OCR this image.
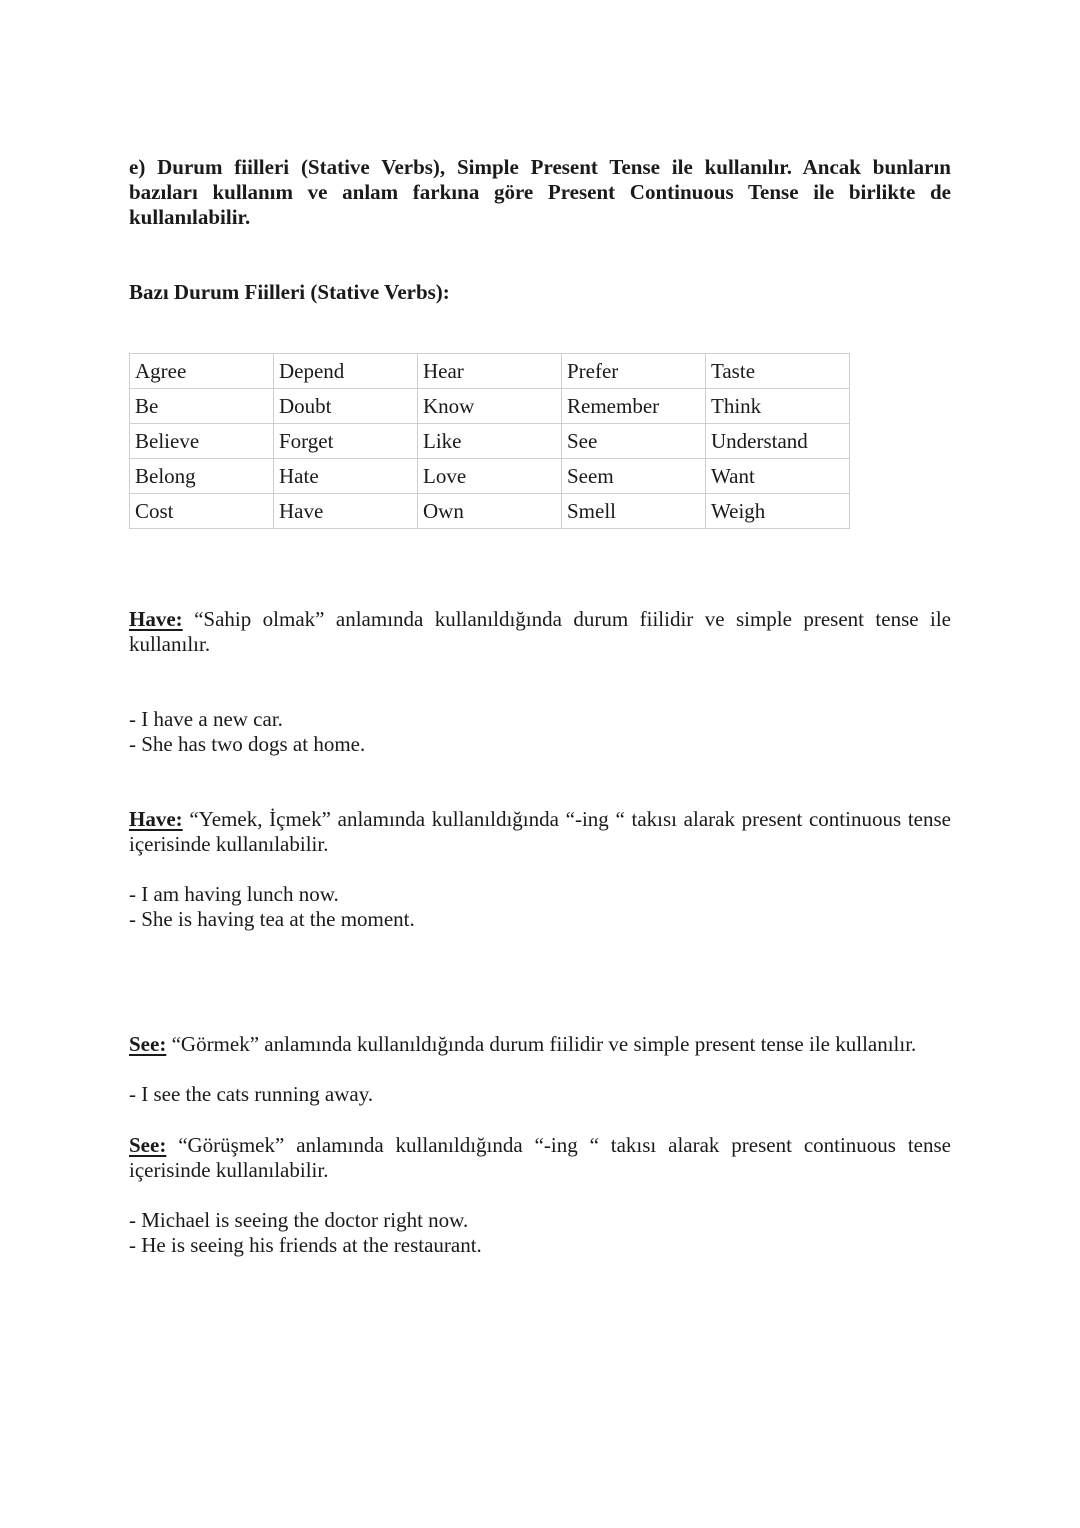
e) Durum fiilleri (Stative Verbs), Simple Present Tense ile kullanılır. Ancak bunların bazıları kullanım ve anlam farkına göre Present Continuous Tense ile birlikte de kullanılabilir.

Bazı Durum Fiilleri (Stative Verbs):

Agree	Depend	Hear	Prefer	Taste
Be	Doubt	Know	Remember	Think
Believe	Forget	Like	See	Understand
Belong	Hate	Love	Seem	Want
Cost	Have	Own	Smell	Weigh

Have: “Sahip olmak” anlamında kullanıldığında durum fiilidir ve simple present tense ile kullanılır.

- I have a new car.
- She has two dogs at home.

Have: “Yemek, İçmek” anlamında kullanıldığında “-ing “ takısı alarak present continuous tense içerisinde kullanılabilir.

- I am having lunch now.
- She is having tea at the moment.

See: “Görmek” anlamında kullanıldığında durum fiilidir ve simple present tense ile kullanılır.

- I see the cats running away.

See: “Görüşmek” anlamında kullanıldığında “-ing “ takısı alarak present continuous tense içerisinde kullanılabilir.

- Michael is seeing the doctor right now.
- He is seeing his friends at the restaurant.
